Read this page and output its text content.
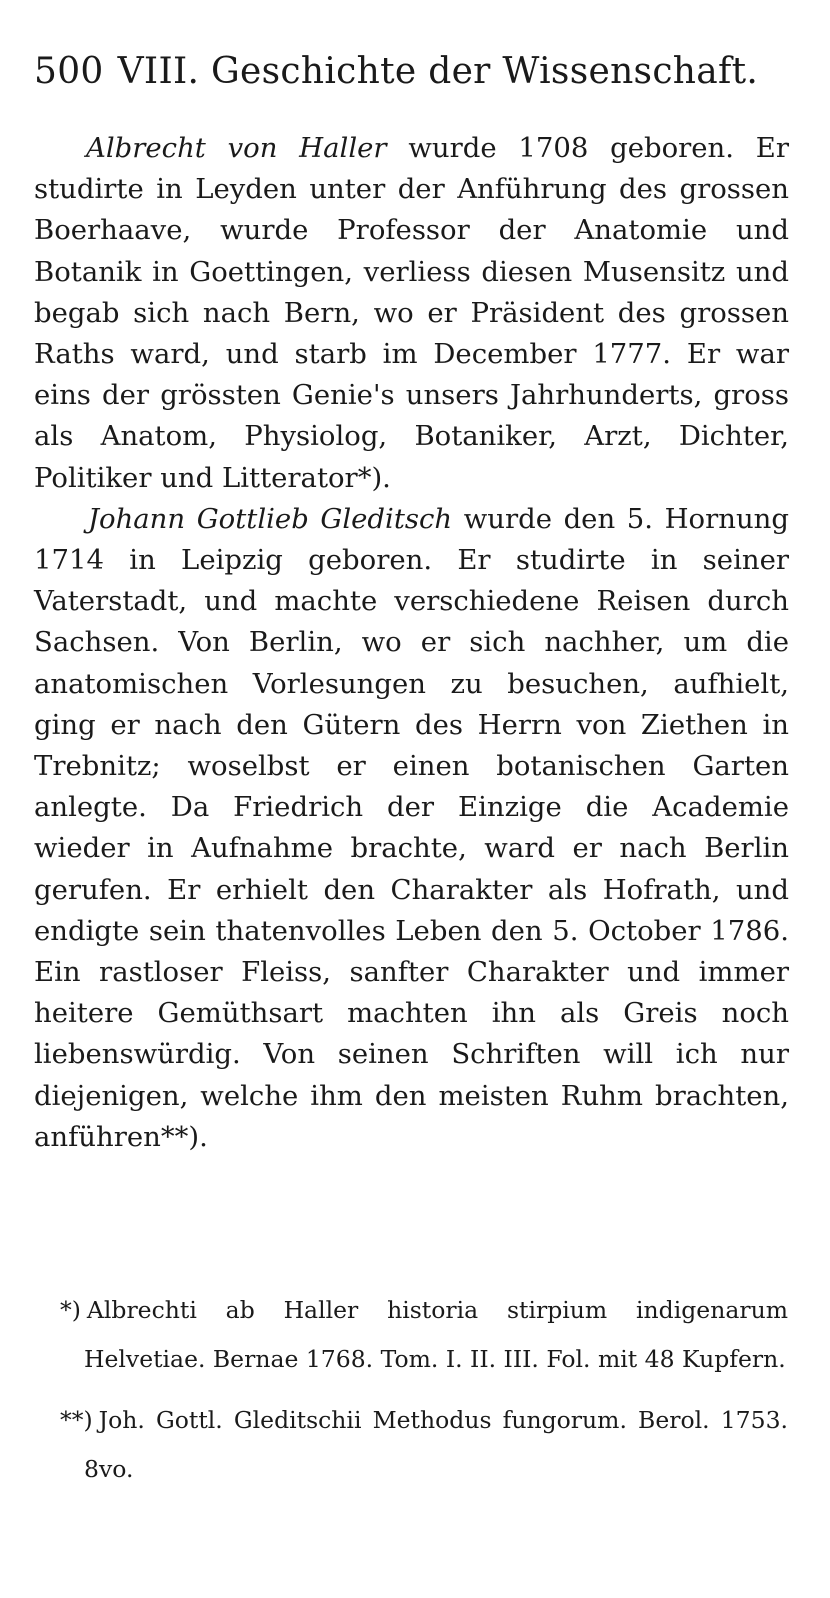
500 VIII. Geschichte der Wissenschaft.

Albrecht von Haller wurde 1708 geboren. Er studirte in Leyden unter der Anführung des grossen Boerhaave, wurde Professor der Anatomie und Botanik in Goettingen, verliess diesen Musensitz und begab sich nach Bern, wo er Präsident des grossen Raths ward, und starb im December 1777. Er war eins der grössten Genie's unsers Jahrhunderts, gross als Anatom, Physiolog, Botaniker, Arzt, Dichter, Politiker und Litterator*).

Johann Gottlieb Gleditsch wurde den 5. Hornung 1714 in Leipzig geboren. Er studirte in seiner Vaterstadt, und machte verschiedene Reisen durch Sachsen. Von Berlin, wo er sich nachher, um die anatomischen Vorlesungen zu besuchen, aufhielt, ging er nach den Gütern des Herrn von Ziethen in Trebnitz; woselbst er einen botanischen Garten anlegte. Da Friedrich der Einzige die Academie wieder in Aufnahme brachte, ward er nach Berlin gerufen. Er erhielt den Charakter als Hofrath, und endigte sein thatenvolles Leben den 5. October 1786. Ein rastloser Fleiss, sanfter Charakter und immer heitere Gemüthsart machten ihn als Greis noch liebenswürdig. Von seinen Schriften will ich nur diejenigen, welche ihm den meisten Ruhm brachten, anführen**).

*) Albrechti ab Haller historia stirpium indigenarum Helvetiae. Bernae 1768. Tom. I. II. III. Fol. mit 48 Kupfern.

**) Joh. Gottl. Gleditschii Methodus fungorum. Berol. 1753. 8vo.
